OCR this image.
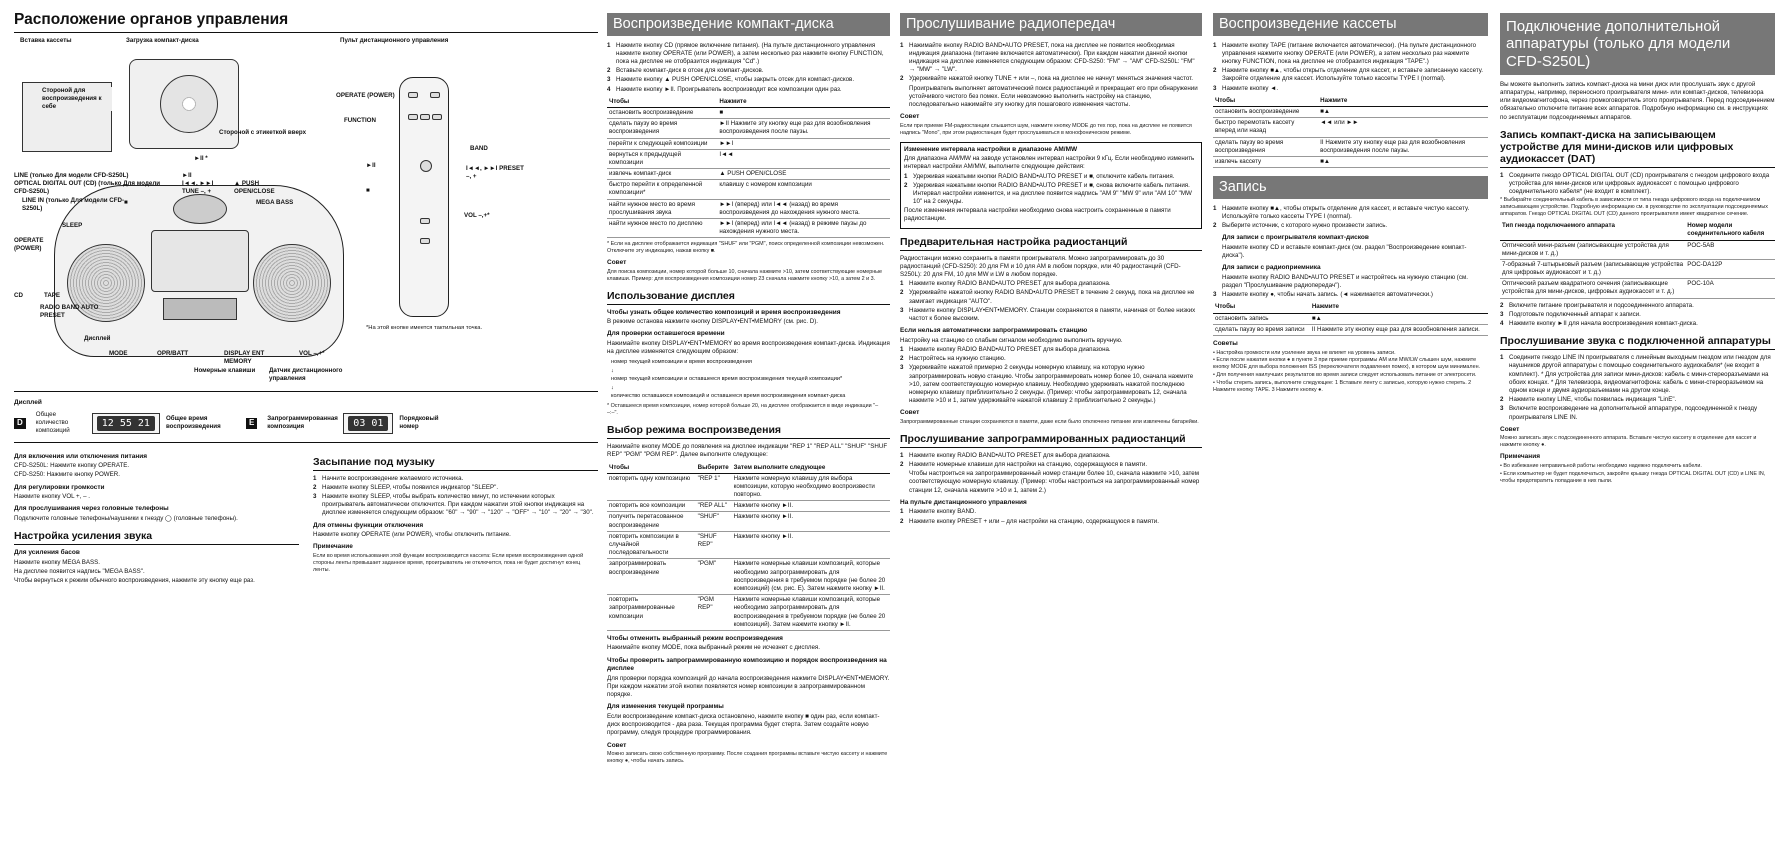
Расположение органов управления
Вставка кассеты
Стороной для воспроизведения к себе
Загрузка компакт-диска
Стороной с этикеткой вверх
Пульт дистанционного управления
OPERATE (POWER)
FUNCTION
BAND
►II
■
I◄◄, ►►I PRESET –, +
VOL –,+*
►II *
►II
I◄◄, ►►I TUNE –, +
▲ PUSH OPEN/CLOSE
LINE (только Для модели CFD-S250L)
OPTICAL DIGITAL OUT (CD) (только Для модели CFD-S250L)
LINE IN (только Для модели CFD-S250L)
MEGA BASS
OPERATE (POWER)
SLEEP
CD	TAPE
RADIO BAND AUTO PRESET
Дисплей
MODE	OPR/BATT	DISPLAY ENT MEMORY
Номерные клавиши Датчик дистанционного управления
VOL –,+*
■
*На этой кнопке имеется тактильная точка.
Дисплей
D
Общее количество композиций
12 55 21	Общее время воспроизведения	E	Запрограммированная композиция	03 01	Порядковый номер
Для включения или отключения питания

CFD-S250L: Нажмите кнопку OPERATE.

CFD-S250: Нажмите кнопку POWER.

Для регулировки громкости

Нажмите кнопку VOL +, – .

Для прослушивания через головные телефоны

Подключите головные телефоны/наушники к гнезду ◯ (головные телефоны).

Настройка усиления звука
Для усиления басов

Нажмите кнопку MEGA BASS.

На дисплее появится надпись "MEGA BASS".

Чтобы вернуться к режим обычного воспроизведения, нажмите эту кнопку еще раз.

Засыпание под музыку
1 Начните воспроизведение желаемого источника.
2 Нажмите кнопку SLEEP, чтобы появился индикатор "SLEEP".
3 Нажмите кнопку SLEEP, чтобы выбрать количество минут, по истечении которых проигрыватель автоматически отключится. При каждом нажатии этой кнопки индикация на дисплее изменяется следующим образом: "60" → "90" → "120" → "OFF" → "10" → "20" → "30".
Для отмены функции отключения

Нажмите кнопку OPERATE (или POWER), чтобы отключить питание.

Примечание

Если во время использования этой функции воспроизводится кассета: Если время воспроизведения одной стороны ленты превышает заданное время, проигрыватель не отключится, пока не будет достигнут конец ленты.

Воспроизведение компакт-диска
1 Нажмите кнопку CD (прямое включение питания). (На пульте дистанционного управления нажмите кнопку OPERATE (или POWER), а затем несколько раз нажмите кнопку FUNCTION, пока на дисплее не отобразится индикация "Cd".)
2 Вставьте компакт-диск в отсек для компакт-дисков.
3 Нажмите кнопку ▲ PUSH OPEN/CLOSE, чтобы закрыть отсек для компакт-дисков.
4 Нажмите кнопку ►II. Проигрыватель воспроизводит все композиции один раз.
Чтобы	Нажмите
остановить воспроизведение	■
сделать паузу во время воспроизведения	►II Нажмите эту кнопку еще раз для возобновления воспроизведения после паузы.
перейти к следующей композиции	►►I
вернуться к предыдущей композиции	I◄◄
извлечь компакт-диск	▲ PUSH OPEN/CLOSE
быстро перейти к определенной композиции*	клавишу с номером композиции
найти нужное место во время прослушивания звука	►►I (вперед) или I◄◄ (назад) во время воспроизведения до нахождения нужного места.
найти нужное место по дисплею	►►I (вперед) или I◄◄ (назад) в режиме паузы до нахождения нужного места.

* Если на дисплее отображается индикация "SHUF" или "PGM", поиск определенной композиции невозможен. Отключите эту индикацию, нажав кнопку ■.

Совет

Для поиска композиции, номер которой больше 10, сначала нажмите >10, затем соответствующие номерные клавиши. Пример: для воспроизведения композиции номер 23 сначала нажмите кнопку >10, а затем 2 и 3.

Использование дисплея
Чтобы узнать общее количество композиций и время воспроизведения

В режиме останова нажмите кнопку DISPLAY•ENT•MEMORY (см. рис. D).

Для проверки оставшегося времени

Нажимайте кнопку DISPLAY•ENT•MEMORY во время воспроизведения компакт-диска. Индикация на дисплее изменяется следующим образом:

номер текущей композиции и время воспроизведения
↓
номер текущей композиции и оставшееся время воспроизведения текущей композиции*
↓
количество оставшихся композиций и оставшееся время воспроизведения компакт-диска

* Оставшееся время композиции, номер которой больше 20, на дисплее отображается в виде индикации "– –:–".

Выбор режима воспроизведения

Нажимайте кнопку MODE до появления на дисплее индикации "REP 1" "REP ALL" "SHUF" "SHUF REP" "PGM" "PGM REP". Далее выполните следующее:

Чтобы	Выберите	Затем выполните следующее
повторить одну композицию	"REP 1"	Нажмите номерную клавишу для выбора композиции, которую необходимо воспроизвести повторно.
повторить все композиции	"REP ALL"	Нажмите кнопку ►II.
получить перетасованное воспроизведение	"SHUF"	Нажмите кнопку ►II.
повторить композиции в случайной последовательности	"SHUF REP"	Нажмите кнопку ►II.
запрограммировать воспроизведение	"PGM"	Нажмите номерные клавиши композиций, которые необходимо запрограммировать для воспроизведения в требуемом порядке (не более 20 композиций) (см. рис. E). Затем нажмите кнопку ►II.
повторить запрограммированные композиции	"PGM REP"	Нажмите номерные клавиши композиций, которые необходимо запрограммировать для воспроизведения в требуемом порядке (не более 20 композиций). Затем нажмите кнопку ►II.
Чтобы отменить выбранный режим воспроизведения

Нажимайте кнопку MODE, пока выбранный режим не исчезнет с дисплея.

Чтобы проверить запрограммированную композицию и порядок воспроизведения на дисплее

Для проверки порядка композиций до начала воспроизведения нажмите DISPLAY•ENT•MEMORY. При каждом нажатии этой кнопки появляется номер композиции в запрограммированном порядке.

Для изменения текущей программы

Если воспроизведение компакт-диска остановлено, нажмите кнопку ■ один раз, если компакт-диск воспроизводится - два раза. Текущая программа будет стерта. Затем создайте новую программу, следуя процедуре программирования.

Совет

Можно записать свою собственную программу. После создания программы вставьте чистую кассету и нажмите кнопку ●, чтобы начать запись.

Прослушивание радиопередач
1 Нажимайте кнопку RADIO BAND•AUTO PRESET, пока на дисплее не появится необходимая индикация диапазона (питание включается автоматически). При каждом нажатии данной кнопки индикация на дисплее изменяется следующим образом: CFD-S250: "FM" → "AM" CFD-S250L: "FM" → "MW" → "LW".
2 Удерживайте нажатой кнопку TUNE + или –, пока на дисплее не начнут меняться значения частот.

Проигрыватель выполняет автоматический поиск радиостанций и прекращает его при обнаружении устойчивого чистого без помех. Если невозможно выполнить настройку на станцию, последовательно нажимайте эту кнопку для пошагового изменения частоты.

Совет

Если при приеме FM-радиостанции слышится шум, нажмите кнопку MODE до тех пор, пока на дисплее не появится надпись "Mono", при этом радиостанция будет прослушиваться в монофоническом режиме.

Изменение интервала настройки в диапазоне AM/MW

Для диапазона AM/MW на заводе установлен интервал настройки 9 кГц. Если необходимо изменить интервал настройки AM/MW, выполните следующие действия:

1 Удерживая нажатыми кнопки RADIO BAND•AUTO PRESET и ■, отключите кабель питания.
2 Удерживая нажатыми кнопки RADIO BAND•AUTO PRESET и ■, снова включите кабель питания. Интервал настройки изменится, и на дисплее появится надпись "AM 9" "MW 9" или "AM 10" "MW 10" на 2 секунды.

После изменения интервала настройки необходимо снова настроить сохраненные в памяти радиостанции.

Предварительная настройка радиостанций

Радиостанции можно сохранить в памяти проигрывателя. Можно запрограммировать до 30 радиостанций (CFD-S250): 20 для FM и 10 для AM в любом порядке, или 40 радиостанций (CFD-S250L): 20 для FM, 10 для MW и LW в любом порядке.

1 Нажмите кнопку RADIO BAND•AUTO PRESET для выбора диапазона.
2 Удерживайте нажатой кнопку RADIO BAND•AUTO PRESET в течение 2 секунд, пока на дисплее не замигает индикация "AUTO".
3 Нажмите кнопку DISPLAY•ENT•MEMORY. Станции сохраняются в памяти, начиная от более низких частот к более высоким.
Если нельзя автоматически запрограммировать станцию

Настройку на станцию со слабым сигналом необходимо выполнить вручную.

1 Нажмите кнопку RADIO BAND•AUTO PRESET для выбора диапазона.
2 Настройтесь на нужную станцию.
3 Удерживайте нажатой примерно 2 секунды номерную клавишу, на которую нужно запрограммировать новую станцию. Чтобы запрограммировать номер более 10, сначала нажмите >10, затем соответствующую номерную клавишу. Необходимо удерживать нажатой последнюю номерную клавишу приблизительно 2 секунды. (Пример: чтобы запрограммировать 12, сначала нажмите >10 и 1, затем удерживайте нажатой клавишу 2 приблизительно 2 секунды.)
Совет

Запрограммированные станции сохраняются в памяти, даже если было отключено питание или извлечены батарейки.

Прослушивание запрограммированных радиостанций
1 Нажмите кнопку RADIO BAND•AUTO PRESET для выбора диапазона.
2 Нажмите номерные клавиши для настройки на станцию, содержащуюся в памяти.

Чтобы настроиться на запрограммированный номер станции более 10, сначала нажмите >10, затем соответствующую номерную клавишу. (Пример: чтобы настроиться на запрограммированный номер станции 12, сначала нажмите >10 и 1, затем 2.)

На пульте дистанционного управления
1 Нажмите кнопку BAND.
2 Нажмите кнопку PRESET + или – для настройки на станцию, содержащуюся в памяти.
Воспроизведение кассеты
1 Нажмите кнопку TAPE (питание включается автоматически). (На пульте дистанционного управления нажмите кнопку OPERATE (или POWER), а затем несколько раз нажмите кнопку FUNCTION, пока на дисплее не отобразится индикация "TAPE".)
2 Нажмите кнопку ■▲, чтобы открыть отделение для кассет, и вставьте записанную кассету. Закройте отделение для кассет. Используйте только кассеты TYPE I (normal).
3 Нажмите кнопку ◄.
Чтобы	Нажмите
остановить воспроизведение	■▲
быстро перемотать кассету вперед или назад	◄◄ или ►►
сделать паузу во время воспроизведения	II Нажмите эту кнопку еще раз для возобновления воспроизведения после паузы.
извлечь кассету	■▲
Запись
1 Нажмите кнопку ■▲, чтобы открыть отделение для кассет, и вставьте чистую кассету. Используйте только кассеты TYPE I (normal).
2 Выберите источник, с которого нужно произвести запись.
Для записи с проигрывателя компакт-дисков

Нажмите кнопку CD и вставьте компакт-диск (см. раздел "Воспроизведение компакт-диска").

Для записи с радиоприемника

Нажмите кнопку RADIO BAND•AUTO PRESET и настройтесь на нужную станцию (см. раздел "Прослушивание радиопередач").

3 Нажмите кнопку ●, чтобы начать запись. (◄ нажимается автоматически.)
Чтобы	Нажмите
остановить запись	■▲
сделать паузу во время записи	II Нажмите эту кнопку еще раз для возобновления записи.
Советы

• Настройка громкости или усиление звука не влияет на уровень записи.

• Если после нажатия кнопки ● в пункте 3 при приеме программы AM или MW/LW слышен шум, нажмите кнопку MODE для выбора положения ISS (переключателя подавления помех), в котором шум минимален.

• Для получения наилучших результатов во время записи следует использовать питание от электросети.

• Чтобы стереть запись, выполните следующее: 1 Вставьте ленту с записью, которую нужно стереть. 2 Нажмите кнопку TAPE. 3 Нажмите кнопку ●.

Подключение дополнительной аппаратуры (только для модели CFD-S250L)

Вы можете выполнить запись компакт-диска на мини диск или прослушать звук с другой аппаратуры, например, переносного проигрывателя мини- или компакт-дисков, телевизора или видеомагнитофона, через громкоговоритель этого проигрывателя. Перед подсоединением обязательно отключите питание всех аппаратов. Подробную информацию см. в инструкциях по эксплуатации подсоединяемых аппаратов.

Запись компакт-диска на записывающем устройстве для мини-дисков или цифровых аудиокассет (DAT)
1 Соедините гнездо OPTICAL DIGITAL OUT (CD) проигрывателя с гнездом цифрового входа устройства для мини-дисков или цифровых аудиокассет с помощью цифрового соединительного кабеля* (не входит в комплект).

* Выбирайте соединительный кабель в зависимости от типа гнезда цифрового входа на подключаемом записывающем устройстве. Подробную информацию см. в руководстве по эксплуатации подсоединяемых аппаратов. Гнездо OPTICAL DIGITAL OUT (CD) данного проигрывателя имеет квадратное сечение.

Тип гнезда подключаемого аппарата	Номер модели соединительного кабеля
Оптический мини-разъем (записывающие устройства для мини-дисков и т. д.)	POC-5AB
7-образный 7-штырьковый разъем (записывающие устройства для цифровых аудиокассет и т. д.)	POC-DA12P
Оптический разъем квадратного сечения (записывающие устройства для мини-дисков, цифровых аудиокассет и т. д.)	POC-10A
2 Включите питание проигрывателя и подсоединенного аппарата.
3 Подготовьте подключенный аппарат к записи.
4 Нажмите кнопку ►II для начала воспроизведения компакт-диска.
Прослушивание звука с подключенной аппаратуры
1 Соедините гнездо LINE IN проигрывателя с линейным выходным гнездом или гнездом для наушников другой аппаратуры с помощью соединительного аудиокабеля* (не входит в комплект). * Для устройства для записи мини-дисков: кабель с мини-стереоразъемами на обоих концах. * Для телевизора, видеомагнитофона: кабель с мини-стереоразъемом на одном конце и двумя аудиоразъемами на другом конце.
2 Нажмите кнопку LINE, чтобы появилась индикация "LinE".
3 Включите воспроизведение на дополнительной аппаратуре, подсоединенной к гнезду проигрывателя LINE IN.
Совет

Можно записать звук с подсоединенного аппарата. Вставьте чистую кассету в отделение для кассет и нажмите кнопку ●.

Примечания

• Во избежание неправильной работы необходимо надежно подключить кабели.

• Если компьютер не будет подключаться, закройте крышку гнезда OPTICAL DIGITAL OUT (CD) и LINE IN, чтобы предотвратить попадание в них пыли.
